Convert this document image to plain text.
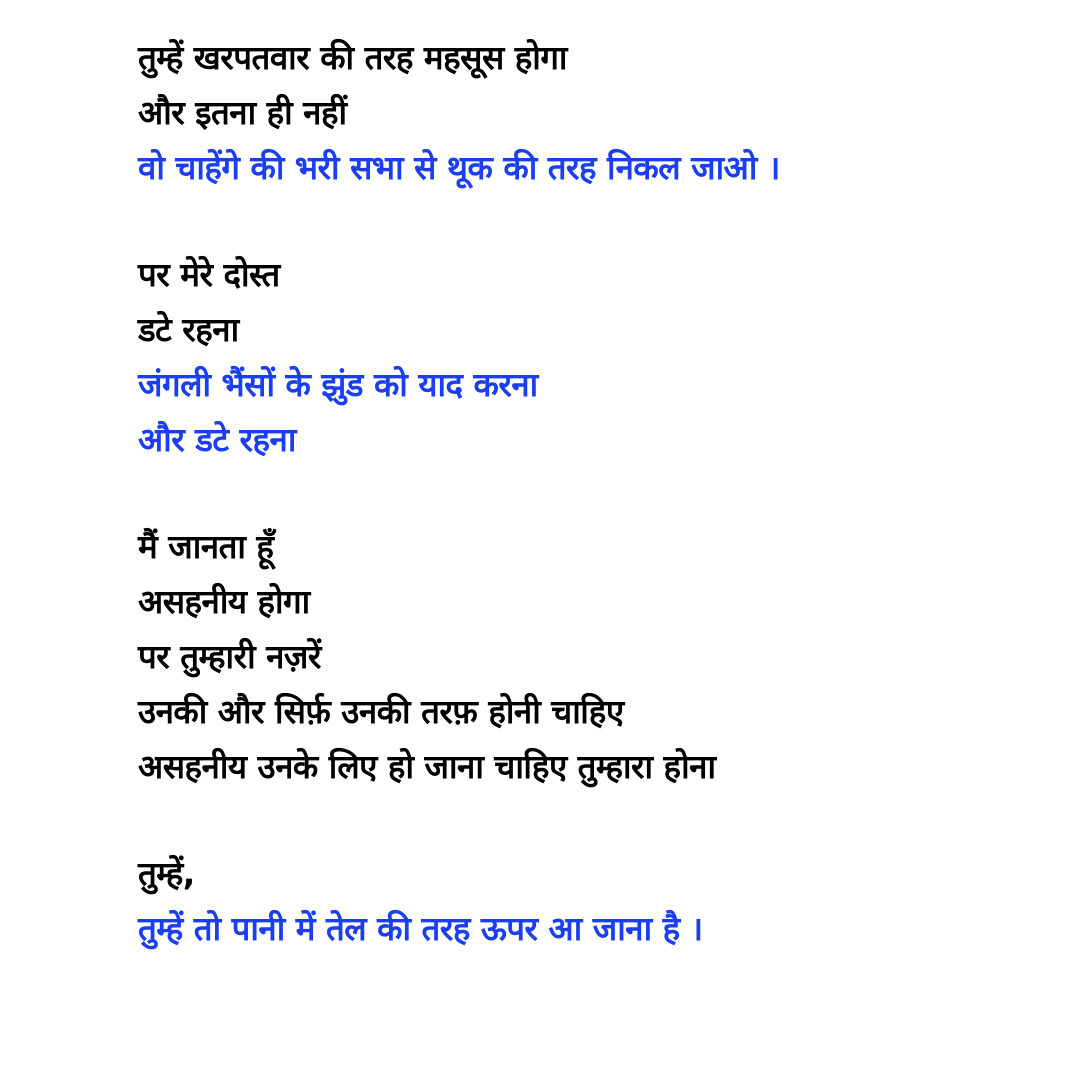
तुम्हें खरपतवार की तरह महसूस होगा
और इतना ही नहीं
वो चाहेंगे की भरी सभा से थूक की तरह निकल जाओ ।
पर मेरे दोस्त
डटे रहना
जंगली भैंसों के झुंड को याद करना
और डटे रहना
मैं जानता हूँ
असहनीय होगा
पर तुम्हारी नज़रें
उनकी और सिर्फ़ उनकी तरफ़ होनी चाहिए
असहनीय उनके लिए हो जाना चाहिए तुम्हारा होना
तुम्हें,
तुम्हें तो पानी में तेल की तरह ऊपर आ जाना है ।
